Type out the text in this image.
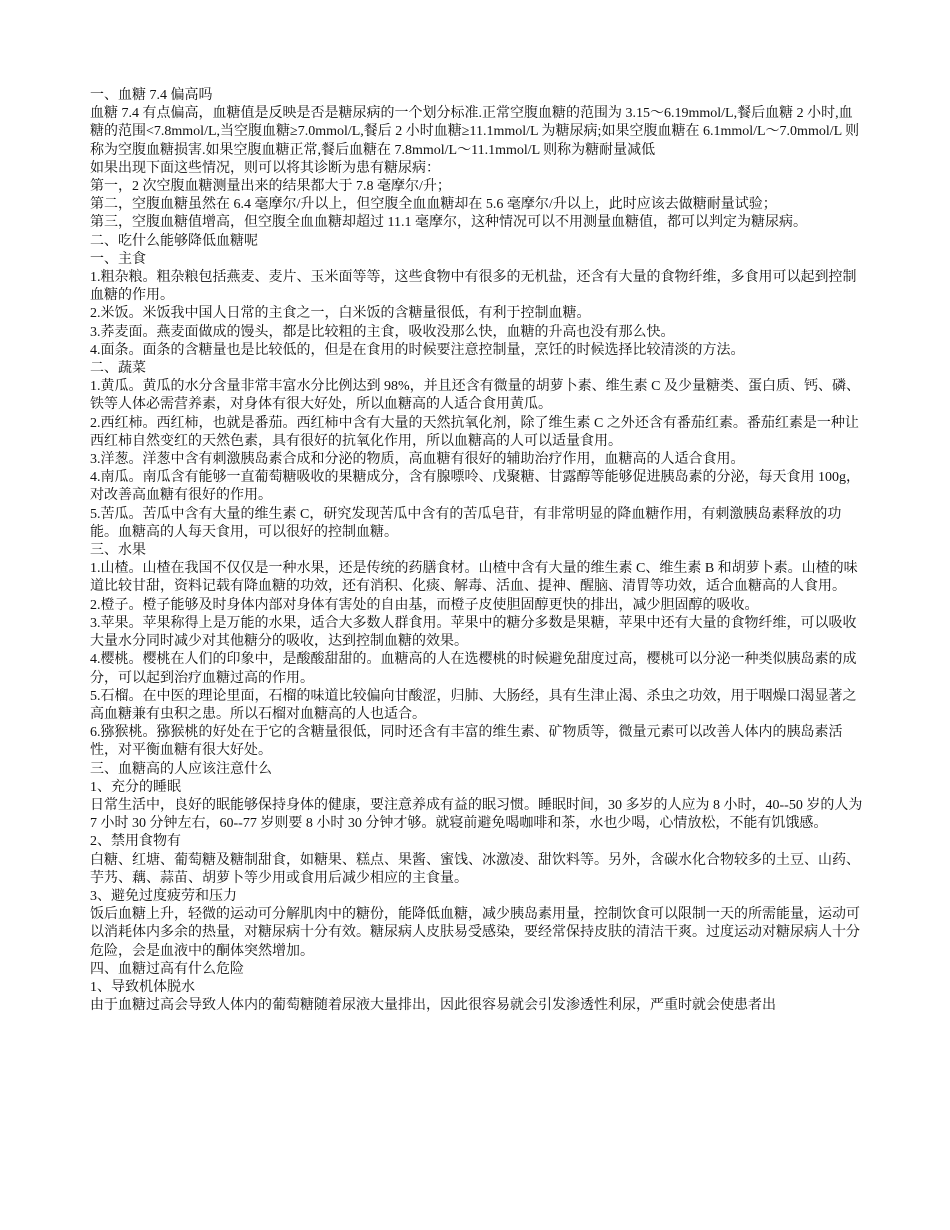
一、血糖 7.4 偏高吗

血糖 7.4 有点偏高，血糖值是反映是否是糖尿病的一个划分标准.正常空腹血糖的范围为 3.15～6.19mmol/L,餐后血糖 2 小时,血糖的范围<7.8mmol/L,当空腹血糖≥7.0mmol/L,餐后 2 小时血糖≥11.1mmol/L 为糖尿病;如果空腹血糖在 6.1mmol/L～7.0mmol/L 则称为空腹血糖损害.如果空腹血糖正常,餐后血糖在 7.8mmol/L～11.1mmol/L 则称为糖耐量减低

如果出现下面这些情况，则可以将其诊断为患有糖尿病：

第一，2 次空腹血糖测量出来的结果都大于 7.8 毫摩尔/升；

第二，空腹血糖虽然在 6.4 毫摩尔/升以上，但空腹全血血糖却在 5.6 毫摩尔/升以上，此时应该去做糖耐量试验；

第三，空腹血糖值增高，但空腹全血血糖却超过 11.1 毫摩尔，这种情况可以不用测量血糖值，都可以判定为糖尿病。

二、吃什么能够降低血糖呢

一、主食

1.粗杂粮。粗杂粮包括燕麦、麦片、玉米面等等，这些食物中有很多的无机盐，还含有大量的食物纤维，多食用可以起到控制血糖的作用。

2.米饭。米饭我中国人日常的主食之一，白米饭的含糖量很低，有利于控制血糖。

3.荞麦面。燕麦面做成的馒头，都是比较粗的主食，吸收没那么快，血糖的升高也没有那么快。

4.面条。面条的含糖量也是比较低的，但是在食用的时候要注意控制量，烹饪的时候选择比较清淡的方法。

二、蔬菜

1.黄瓜。黄瓜的水分含量非常丰富水分比例达到 98%，并且还含有微量的胡萝卜素、维生素 C 及少量糖类、蛋白质、钙、磷、铁等人体必需营养素，对身体有很大好处，所以血糖高的人适合食用黄瓜。

2.西红柿。西红柿，也就是番茄。西红柿中含有大量的天然抗氧化剂，除了维生素 C 之外还含有番茄红素。番茄红素是一种让西红柿自然变红的天然色素，具有很好的抗氧化作用，所以血糖高的人可以适量食用。

3.洋葱。洋葱中含有刺激胰岛素合成和分泌的物质，高血糖有很好的辅助治疗作用，血糖高的人适合食用。

4.南瓜。南瓜含有能够一直葡萄糖吸收的果糖成分，含有腺嘌呤、戊聚糖、甘露醇等能够促进胰岛素的分泌，每天食用 100g，对改善高血糖有很好的作用。

5.苦瓜。苦瓜中含有大量的维生素 C，研究发现苦瓜中含有的苦瓜皂苷，有非常明显的降血糖作用，有刺激胰岛素释放的功能。血糖高的人每天食用，可以很好的控制血糖。

三、水果

1.山楂。山楂在我国不仅仅是一种水果，还是传统的药膳食材。山楂中含有大量的维生素 C、维生素 B 和胡萝卜素。山楂的味道比较甘甜，资料记载有降血糖的功效，还有消积、化痰、解毒、活血、提神、醒脑、清胃等功效，适合血糖高的人食用。

2.橙子。橙子能够及时身体内部对身体有害处的自由基，而橙子皮使胆固醇更快的排出，减少胆固醇的吸收。

3.苹果。苹果称得上是万能的水果，适合大多数人群食用。苹果中的糖分多数是果糖，苹果中还有大量的食物纤维，可以吸收大量水分同时减少对其他糖分的吸收，达到控制血糖的效果。

4.樱桃。樱桃在人们的印象中，是酸酸甜甜的。血糖高的人在选樱桃的时候避免甜度过高，樱桃可以分泌一种类似胰岛素的成分，可以起到治疗血糖过高的作用。

5.石榴。在中医的理论里面，石榴的味道比较偏向甘酸涩，归肺、大肠经，具有生津止渴、杀虫之功效，用于咽燥口渴显著之高血糖兼有虫积之患。所以石榴对血糖高的人也适合。

6.猕猴桃。猕猴桃的好处在于它的含糖量很低，同时还含有丰富的维生素、矿物质等，微量元素可以改善人体内的胰岛素活性，对平衡血糖有很大好处。

三、血糖高的人应该注意什么

1、充分的睡眠

日常生活中，良好的眠能够保持身体的健康，要注意养成有益的眠习惯。睡眠时间，30 多岁的人应为 8 小时，40--50 岁的人为 7 小时 30 分钟左右，60--77 岁则要 8 小时 30 分钟才够。就寝前避免喝咖啡和茶，水也少喝，心情放松，不能有饥饿感。

2、禁用食物有

白糖、红塘、葡萄糖及糖制甜食，如糖果、糕点、果酱、蜜饯、冰激凌、甜饮料等。另外，含碳水化合物较多的土豆、山药、芋艿、藕、蒜苗、胡萝卜等少用或食用后减少相应的主食量。

3、避免过度疲劳和压力

饭后血糖上升，轻微的运动可分解肌肉中的糖份，能降低血糖，减少胰岛素用量，控制饮食可以限制一天的所需能量，运动可以消耗体内多余的热量，对糖尿病十分有效。糖尿病人皮肤易受感染，要经常保持皮肤的清洁干爽。过度运动对糖尿病人十分危险，会是血液中的酮体突然增加。

四、血糖过高有什么危险

1、导致机体脱水

由于血糖过高会导致人体内的葡萄糖随着尿液大量排出，因此很容易就会引发渗透性利尿，严重时就会使患者出
